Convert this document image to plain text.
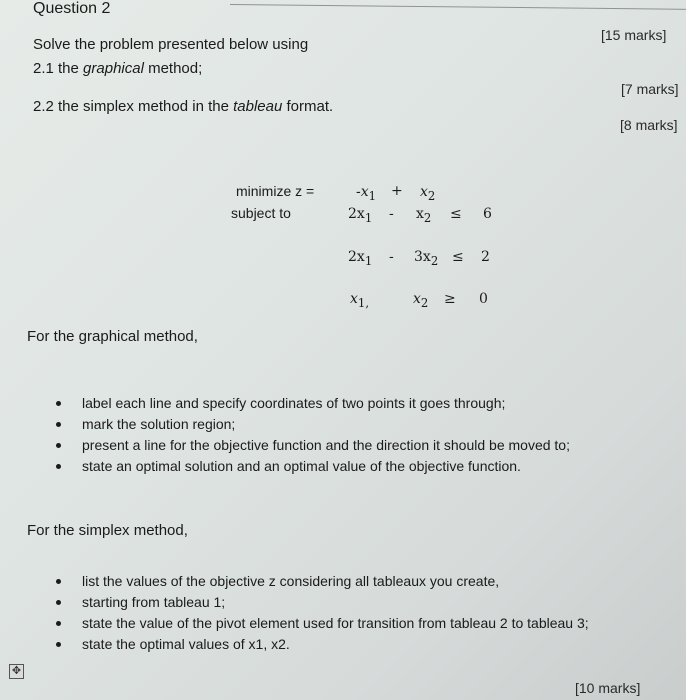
Question 2
[15 marks]
Solve the problem presented below using
2.1 the graphical method;
[7 marks]
2.2 the simplex method in the tableau format.
[8 marks]
minimize z =
subject to
$-x_1 + x_2$
$2x_1 - x_2 \le 6$
$2x_1 - 3x_2 \le 2$
$x_{1,}$	$x_2 \ge 0$
For the graphical method,
label each line and specify coordinates of two points it goes through;
mark the solution region;
present a line for the objective function and the direction it should be moved to;
state an optimal solution and an optimal value of the objective function.
For the simplex method,
list the values of the objective z considering all tableaux you create,
starting from tableau 1;
state the value of the pivot element used for transition from tableau 2 to tableau 3;
state the optimal values of x1, x2.
✥
[10 marks]
